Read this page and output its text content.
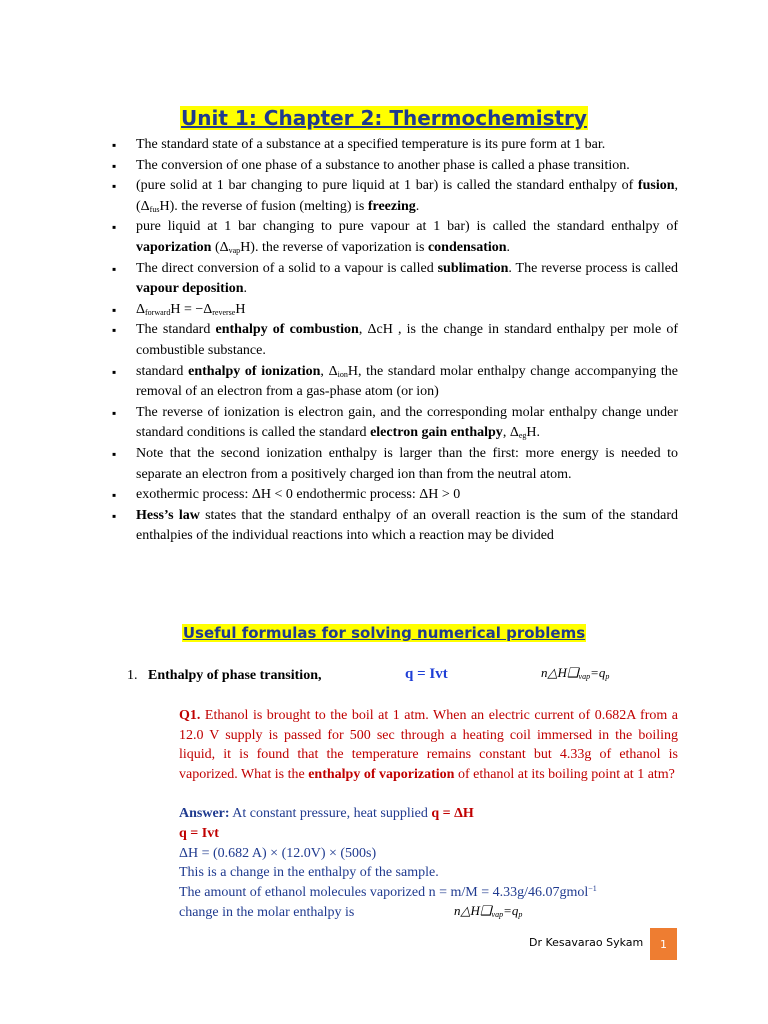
Unit 1: Chapter 2: Thermochemistry
▪ The standard state of a substance at a specified temperature is its pure form at 1 bar.
▪ The conversion of one phase of a substance to another phase is called a phase transition.
▪ (pure solid at 1 bar changing to pure liquid at 1 bar) is called the standard enthalpy of fusion, $(\Delta_{fus}H)$. the reverse of fusion (melting) is freezing.
▪ pure liquid at 1 bar changing to pure vapour at 1 bar) is called the standard enthalpy of vaporization $(\Delta_{vap}H)$. the reverse of vaporization is condensation.
▪ The direct conversion of a solid to a vapour is called sublimation. The reverse process is called vapour deposition.
▪ $\Delta_{forward}H = -\Delta_{reverse}H$
▪ The standard enthalpy of combustion, ΔcH , is the change in standard enthalpy per mole of combustible substance.
▪ standard enthalpy of ionization, $\Delta_{ion}H$, the standard molar enthalpy change accompanying the removal of an electron from a gas-phase atom (or ion)
▪ The reverse of ionization is electron gain, and the corresponding molar enthalpy change under standard conditions is called the standard electron gain enthalpy, $\Delta_{eg}H$.
▪ Note that the second ionization enthalpy is larger than the first: more energy is needed to separate an electron from a positively charged ion than from the neutral atom.
▪ exothermic process: ΔH < 0 endothermic process: ΔH > 0
▪ Hess’s law states that the standard enthalpy of an overall reaction is the sum of the standard enthalpies of the individual reactions into which a reaction may be divided
Useful formulas for solving numerical problems
1. Enthalpy of phase transition,	q = Ivt	$n\triangle H❑_{vap}=q_p$
Q1. Ethanol is brought to the boil at 1 atm. When an electric current of 0.682A from a 12.0 V supply is passed for 500 sec through a heating coil immersed in the boiling liquid, it is found that the temperature remains constant but 4.33g of ethanol is vaporized. What is the enthalpy of vaporization of ethanol at its boiling point at 1 atm?
Answer: At constant pressure, heat supplied q = ΔH
q = Ivt
ΔH = (0.682 A) × (12.0V) × (500s)
This is a change in the enthalpy of the sample.
The amount of ethanol molecules vaporized n = m/M = 4.33g/46.07gmol$^{-1}$
change in the molar enthalpy is	$n\triangle H❑_{vap}=q_p$
Dr Kesavarao Sykam	1
